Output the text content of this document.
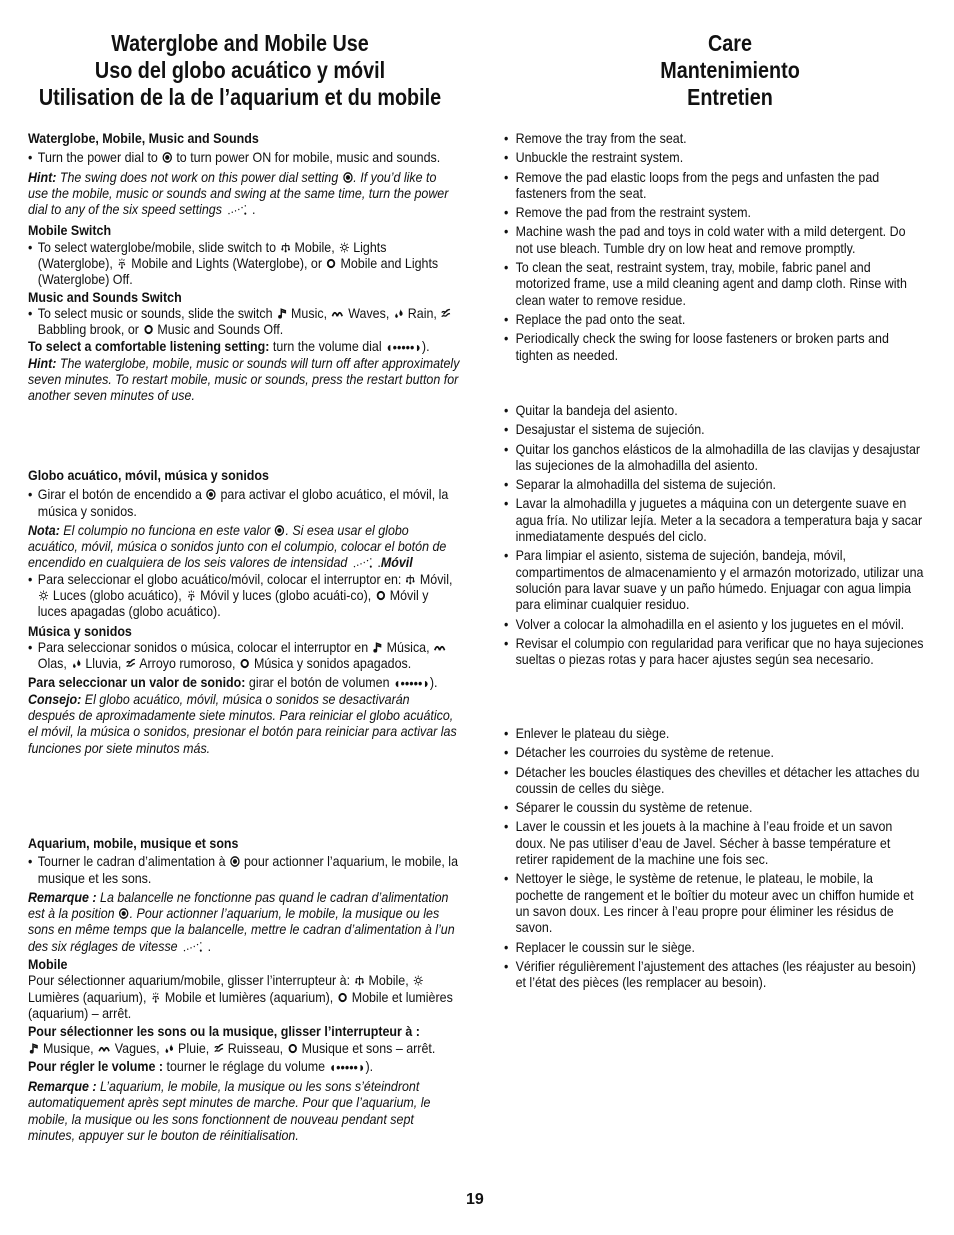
Waterglobe and Mobile Use
Uso del globo acuático y móvil
Utilisation de la de l’aquarium et du mobile
Care
Mantenimiento
Entretien

Waterglobe, Mobile, Music and Sounds

• Turn the power dial to to turn power ON for mobile, music and sounds.

Hint: The swing does not work on this power dial setting . If you’d like to use the mobile, music or sounds and swing at the same time, turn the power dial to any of the six speed settings  .

Mobile Switch

• To select waterglobe/mobile, slide switch to Mobile, Lights (Waterglobe), Mobile and Lights (Waterglobe), or Mobile and Lights (Waterglobe) Off.

Music and Sounds Switch

• To select music or sounds, slide the switch Music, Waves, Rain,  Babbling brook, or Music and Sounds Off.

To select a comfortable listening setting: turn the volume dial ◖•••••◗).

Hint: The waterglobe, mobile, music or sounds will turn off after approximately seven minutes. To restart mobile, music or sounds, press the restart button for another seven minutes of use.

Globo acuático, móvil, música y sonidos

• Girar el botón de encendido a para activar el globo acuático, el móvil, la música y sonidos.

Nota: El columpio no funciona en este valor . Si esea usar el globo acuático, móvil, música o sonidos junto con el columpio, colocar el botón de encendido en cualquiera de los seis valores de intensidad  .Móvil

• Para seleccionar el globo acuático/móvil, colocar el interruptor en: Móvil,  Luces (globo acuático), Móvil y luces (globo acuáti-co), Móvil y luces apagadas (globo acuático).

Música y sonidos

• Para seleccionar sonidos o música, colocar el interruptor en Música,  Olas, Lluvia, Arroyo rumoroso, Música y sonidos apagados.

Para seleccionar un valor de sonido: girar el botón de volumen ◖•••••◗).

Consejo: El globo acuático, móvil, música o sonidos se desactivarán después de aproximadamente siete minutos. Para reiniciar el globo acuático, el móvil, la música o sonidos, presionar el botón para reiniciar para activar las funciones por siete minutos más.

Aquarium, mobile, musique et sons

• Tourner le cadran d’alimentation à pour actionner l’aquarium, le mobile, la musique et les sons.

Remarque : La balancelle ne fonctionne pas quand le cadran d’alimentation est à la position . Pour actionner l’aquarium, le mobile, la musique ou les sons en même temps que la balancelle, mettre le cadran d’alimentation à l’un des six réglages de vitesse  .

Mobile

Pour sélectionner aquarium/mobile, glisser l’interrupteur à: Mobile,  Lumières (aquarium), Mobile et lumières (aquarium), Mobile et lumières (aquarium) – arrêt.

Pour sélectionner les sons ou la musique, glisser l’interrupteur à :

Musique, Vagues, Pluie, Ruisseau, Musique et sons – arrêt.

Pour régler le volume : tourner le réglage du volume ◖•••••◗).

Remarque : L’aquarium, le mobile, la musique ou les sons s’éteindront automatiquement après sept minutes de marche. Pour que l’aquarium, le mobile, la musique ou les sons fonctionnent de nouveau pendant sept minutes, appuyer sur le bouton de réinitialisation.

• Remove the tray from the seat.
• Unbuckle the restraint system.
• Remove the pad elastic loops from the pegs and unfasten the pad fasteners from the seat.
• Remove the pad from the restraint system.
• Machine wash the pad and toys in cold water with a mild detergent. Do not use bleach. Tumble dry on low heat and remove promptly.
• To clean the seat, restraint system, tray, mobile, fabric panel and motorized frame, use a mild cleaning agent and damp cloth. Rinse with clean water to remove residue.
• Replace the pad onto the seat.
• Periodically check the swing for loose fasteners or broken parts and tighten as needed.
• Quitar la bandeja del asiento.
• Desajustar el sistema de sujeción.
• Quitar los ganchos elásticos de la almohadilla de las clavijas y desajustar las sujeciones de la almohadilla del asiento.
• Separar la almohadilla del sistema de sujeción.
• Lavar la almohadilla y juguetes a máquina con un detergente suave en agua fría. No utilizar lejía. Meter a la secadora a temperatura baja y sacar inmediatamente después del ciclo.
• Para limpiar el asiento, sistema de sujeción, bandeja, móvil, compartimentos de almacenamiento y el armazón motorizado, utilizar una solución para lavar suave y un paño húmedo. Enjuagar con agua limpia para eliminar cualquier residuo.
• Volver a colocar la almohadilla en el asiento y los juguetes en el móvil.
• Revisar el columpio con regularidad para verificar que no haya sujeciones sueltas o piezas rotas y para hacer ajustes según sea necesario.
• Enlever le plateau du siège.
• Détacher les courroies du système de retenue.
• Détacher les boucles élastiques des chevilles et détacher les attaches du coussin de celles du siège.
• Séparer le coussin du système de retenue.
• Laver le coussin et les jouets à la machine à l’eau froide et un savon doux. Ne pas utiliser d’eau de Javel. Sécher à basse température et retirer rapidement de la machine une fois sec.
• Nettoyer le siège, le système de retenue, le plateau, le mobile, la pochette de rangement et le boîtier du moteur avec un chiffon humide et un savon doux. Les rincer à l’eau propre pour éliminer les résidus de savon.
• Replacer le coussin sur le siège.
• Vérifier régulièrement l’ajustement des attaches (les réajuster au besoin) et l’état des pièces (les remplacer au besoin).
19
